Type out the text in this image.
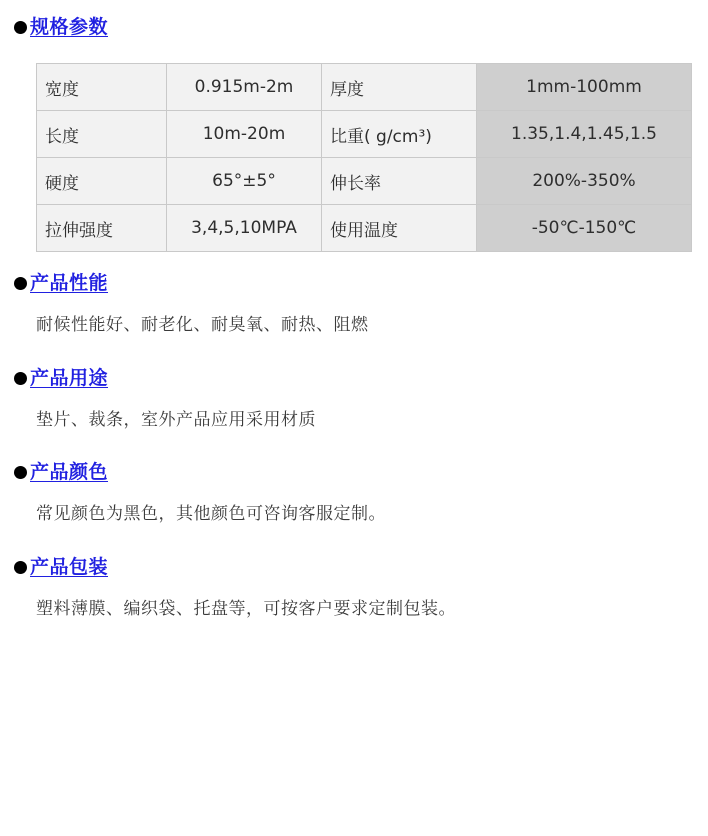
规格参数
宽度	0.915m-2m	厚度	1mm-100mm
长度	10m-20m	比重( g/cm³)	1.35,1.4,1.45,1.5
硬度	65°±5°	伸长率	200%-350%
拉伸强度	3,4,5,10MPA	使用温度	-50℃-150℃
产品性能
耐候性能好、耐老化、耐臭氧、耐热、阻燃
产品用途
垫片、裁条，室外产品应用采用材质
产品颜色
常见颜色为黑色，其他颜色可咨询客服定制。
产品包装
塑料薄膜、编织袋、托盘等，可按客户要求定制包装。
